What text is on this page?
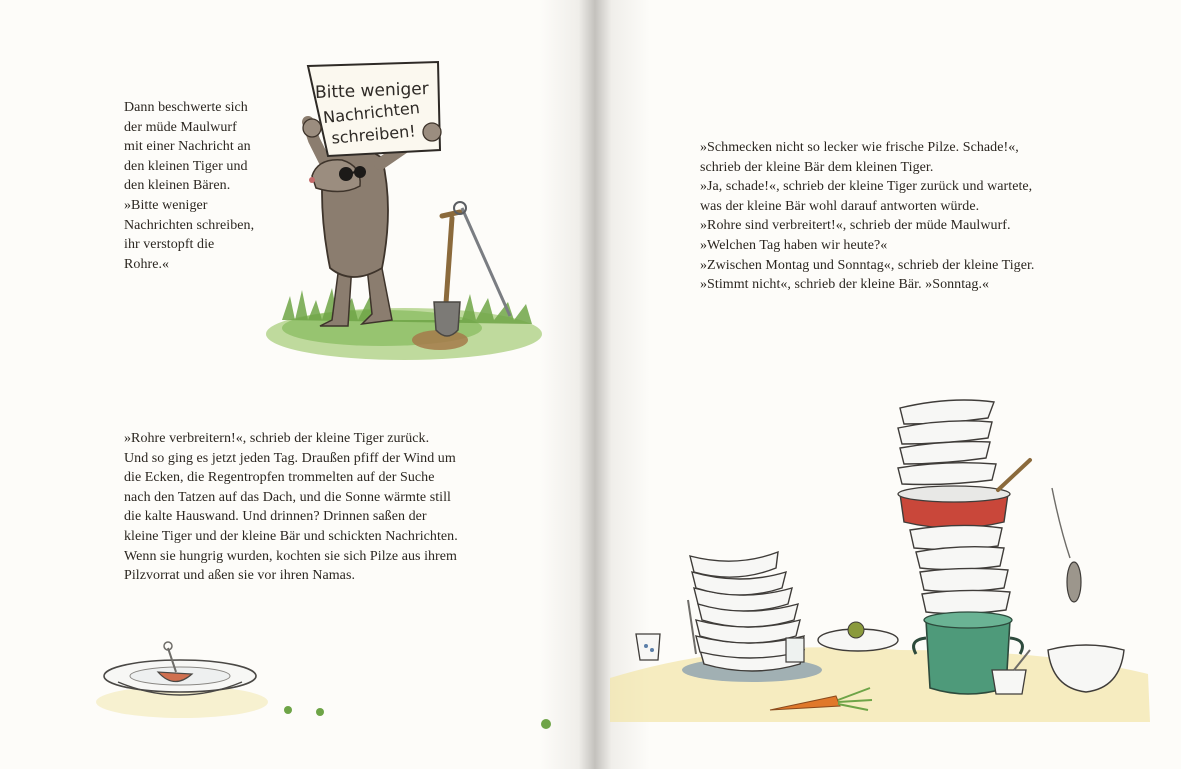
Dann beschwerte sich
der müde Maulwurf
mit einer Nachricht an
den kleinen Tiger und
den kleinen Bären.
»Bitte weniger
Nachrichten schreiben,
ihr verstopft die
Rohre.«
Bitte weniger
Nachrichten
schreiben!
»Rohre verbreitern!«, schrieb der kleine Tiger zurück.
Und so ging es jetzt jeden Tag. Draußen pfiff der Wind um
die Ecken, die Regentropfen trommelten auf der Suche
nach den Tatzen auf das Dach, und die Sonne wärmte still
die kalte Hauswand. Und drinnen? Drinnen saßen der
kleine Tiger und der kleine Bär und schickten Nachrichten.
Wenn sie hungrig wurden, kochten sie sich Pilze aus ihrem
Pilzvorrat und aßen sie vor ihren Namas.
»Schmecken nicht so lecker wie frische Pilze. Schade!«,
schrieb der kleine Bär dem kleinen Tiger.
»Ja, schade!«, schrieb der kleine Tiger zurück und wartete,
was der kleine Bär wohl darauf antworten würde.
»Rohre sind verbreitert!«, schrieb der müde Maulwurf.
»Welchen Tag haben wir heute?«
»Zwischen Montag und Sonntag«, schrieb der kleine Tiger.
»Stimmt nicht«, schrieb der kleine Bär. »Sonntag.«
